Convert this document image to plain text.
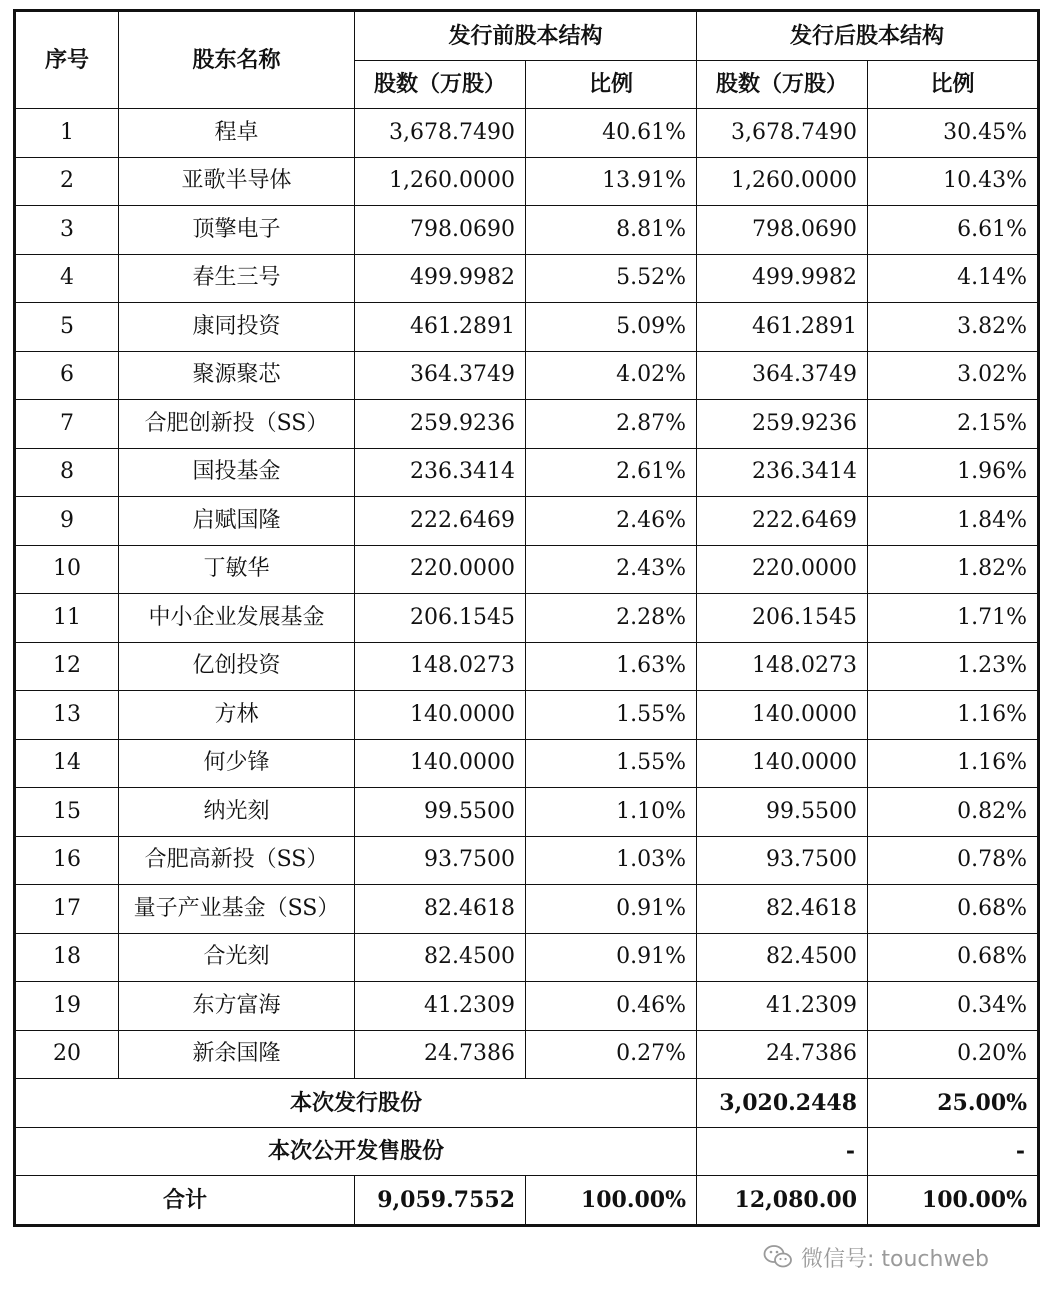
序号	股东名称	发行前股本结构		发行后股本结构	
		股数（万股）	比例	股数（万股）	比例
1	程卓	3,678.7490	40.61%	3,678.7490	30.45%
2	亚歌半导体	1,260.0000	13.91%	1,260.0000	10.43%
3	顶擎电子	798.0690	8.81%	798.0690	6.61%
4	春生三号	499.9982	5.52%	499.9982	4.14%
5	康同投资	461.2891	5.09%	461.2891	3.82%
6	聚源聚芯	364.3749	4.02%	364.3749	3.02%
7	合肥创新投（SS）	259.9236	2.87%	259.9236	2.15%
8	国投基金	236.3414	2.61%	236.3414	1.96%
9	启赋国隆	222.6469	2.46%	222.6469	1.84%
10	丁敏华	220.0000	2.43%	220.0000	1.82%
11	中小企业发展基金	206.1545	2.28%	206.1545	1.71%
12	亿创投资	148.0273	1.63%	148.0273	1.23%
13	方林	140.0000	1.55%	140.0000	1.16%
14	何少锋	140.0000	1.55%	140.0000	1.16%
15	纳光刻	99.5500	1.10%	99.5500	0.82%
16	合肥高新投（SS）	93.7500	1.03%	93.7500	0.78%
17	量子产业基金（SS）	82.4618	0.91%	82.4618	0.68%
18	合光刻	82.4500	0.91%	82.4500	0.68%
19	东方富海	41.2309	0.46%	41.2309	0.34%
20	新余国隆	24.7386	0.27%	24.7386	0.20%
本次发行股份				3,020.2448	25.00%
本次公开发售股份				-	-
合计		9,059.7552	100.00%	12,080.00	100.00%
微信号: touchweb
